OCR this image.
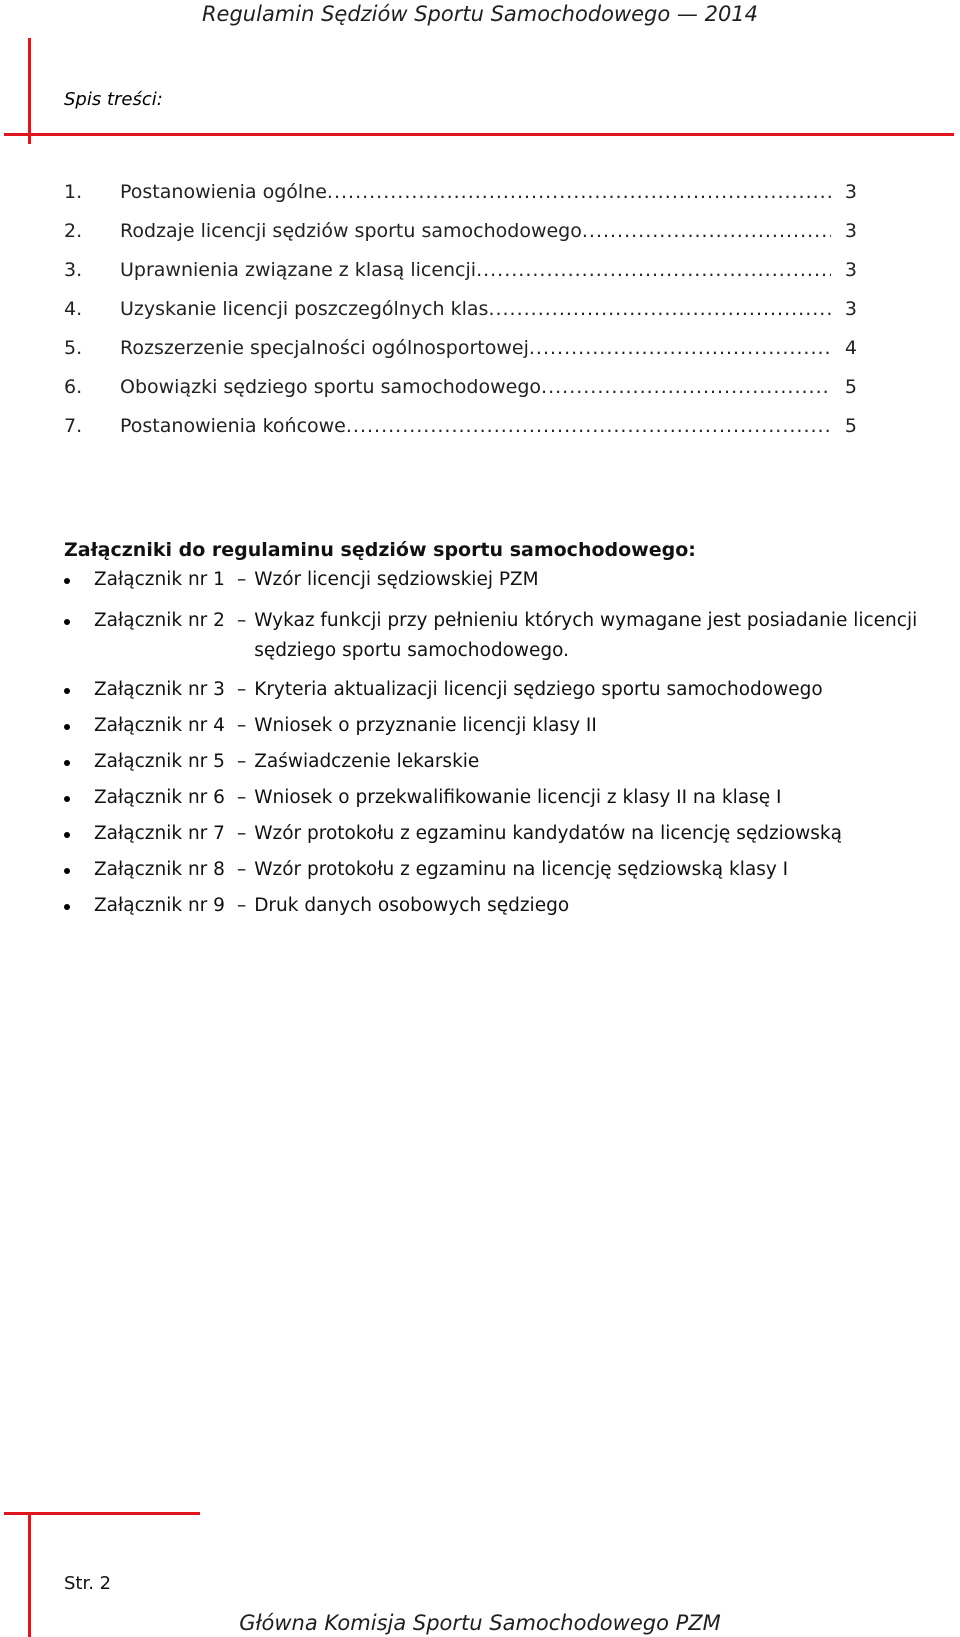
Regulamin Sędziów Sportu Samochodowego — 2014
Spis treści:
1.	Postanowienia ogólne .....	3
2.	Rodzaje licencji sędziów sportu samochodowego .....	3
3.	Uprawnienia związane z klasą licencji .....	3
4.	Uzyskanie licencji poszczególnych klas .....	3
5.	Rozszerzenie specjalności ogólnosportowej .....	4
6.	Obowiązki sędziego sportu samochodowego .....	5
7.	Postanowienia końcowe .....	5
Załączniki do regulaminu sędziów sportu samochodowego:
Załącznik nr 1 – Wzór licencji sędziowskiej PZM
Załącznik nr 2 – Wykaz funkcji przy pełnieniu których wymagane jest posiadanie licencji sędziego sportu samochodowego.
Załącznik nr 3 – Kryteria aktualizacji licencji sędziego sportu samochodowego
Załącznik nr 4 – Wniosek o przyznanie licencji klasy II
Załącznik nr 5 – Zaświadczenie lekarskie
Załącznik nr 6 – Wniosek o przekwalifikowanie licencji z klasy II na klasę I
Załącznik nr 7 – Wzór protokołu z egzaminu kandydatów na licencję sędziowską
Załącznik nr 8 – Wzór protokołu z egzaminu na licencję sędziowską klasy I
Załącznik nr 9 – Druk danych osobowych sędziego
Str. 2
Główna Komisja Sportu Samochodowego PZM
